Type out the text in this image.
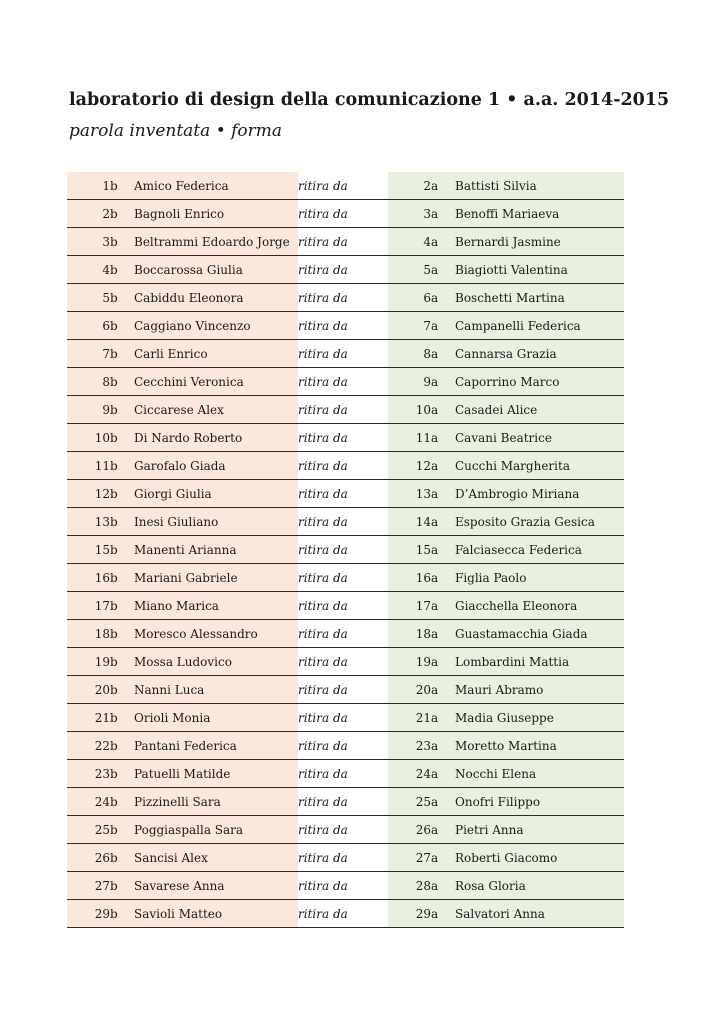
laboratorio di design della comunicazione 1 • a.a. 2014-2015
parola inventata • forma
1	b	Amico Federica	ritira da	2	a	Battisti Silvia
2	b	Bagnoli Enrico	ritira da	3	a	Benoffi Mariaeva
3	b	Beltrammi Edoardo Jorge	ritira da	4	a	Bernardi Jasmine
4	b	Boccarossa Giulia	ritira da	5	a	Biagiotti Valentina
5	b	Cabiddu Eleonora	ritira da	6	a	Boschetti Martina
6	b	Caggiano Vincenzo	ritira da	7	a	Campanelli Federica
7	b	Carli Enrico	ritira da	8	a	Cannarsa Grazia
8	b	Cecchini Veronica	ritira da	9	a	Caporrino Marco
9	b	Ciccarese Alex	ritira da	10	a	Casadei Alice
10	b	Di Nardo Roberto	ritira da	11	a	Cavani Beatrice
11	b	Garofalo Giada	ritira da	12	a	Cucchi Margherita
12	b	Giorgi Giulia	ritira da	13	a	D’Ambrogio Miriana
13	b	Inesi Giuliano	ritira da	14	a	Esposito Grazia Gesica
15	b	Manenti Arianna	ritira da	15	a	Falciasecca Federica
16	b	Mariani Gabriele	ritira da	16	a	Figlia Paolo
17	b	Miano Marica	ritira da	17	a	Giacchella Eleonora
18	b	Moresco Alessandro	ritira da	18	a	Guastamacchia Giada
19	b	Mossa Ludovico	ritira da	19	a	Lombardini Mattia
20	b	Nanni Luca	ritira da	20	a	Mauri Abramo
21	b	Orioli Monia	ritira da	21	a	Madia Giuseppe
22	b	Pantani Federica	ritira da	23	a	Moretto Martina
23	b	Patuelli Matilde	ritira da	24	a	Nocchi Elena
24	b	Pizzinelli Sara	ritira da	25	a	Onofri Filippo
25	b	Poggiaspalla Sara	ritira da	26	a	Pietri Anna
26	b	Sancisi Alex	ritira da	27	a	Roberti Giacomo
27	b	Savarese Anna	ritira da	28	a	Rosa Gloria
29	b	Savioli Matteo	ritira da	29	a	Salvatori Anna
